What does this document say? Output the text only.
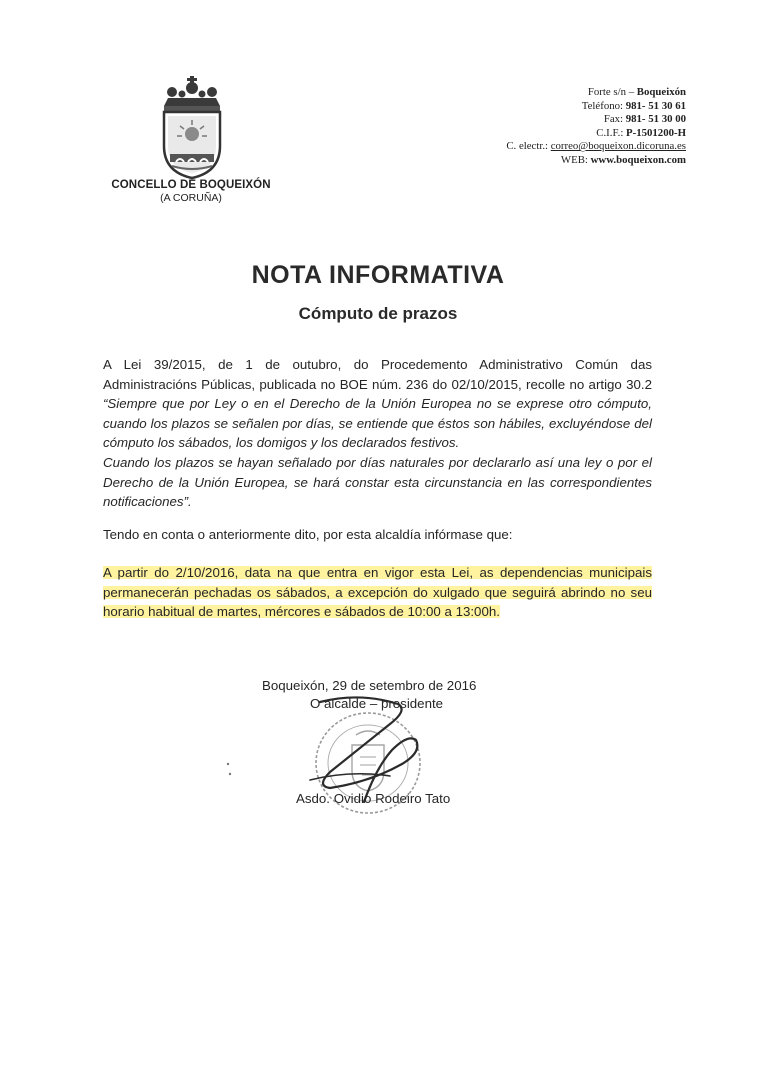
CONCELLO DE BOQUEIXÓN
(A CORUÑA)
Forte s/n – Boqueixón
Teléfono: 981- 51 30 61
Fax: 981- 51 30 00
C.I.F.: P-1501200-H
C. electr.: correo@boqueixon.dicoruna.es
WEB: www.boqueixon.com
NOTA INFORMATIVA
Cómputo de prazos
A Lei 39/2015, de 1 de outubro, do Procedemento Administrativo Común das Administracións Públicas, publicada no BOE núm. 236 do 02/10/2015, recolle no artigo 30.2 “Siempre que por Ley o en el Derecho de la Unión Europea no se exprese otro cómputo, cuando los plazos se señalen por días, se entiende que éstos son hábiles, excluyéndose del cómputo los sábados, los domigos y los declarados festivos.
Cuando los plazos se hayan señalado por días naturales por declararlo así una ley o por el Derecho de la Unión Europea, se hará constar esta circunstancia en las correspondientes notificaciones”.
Tendo en conta o anteriormente dito, por esta alcaldía infórmase que:
A partir do 2/10/2016, data na que entra en vigor esta Lei, as dependencias municipais permanecerán pechadas os sábados, a excepción do xulgado que seguirá abrindo no seu horario habitual de martes, mércores e sábados de 10:00 a 13:00h.
Boqueixón, 29 de setembro de 2016
O alcalde – presidente
Asdo. Ovidio Rodeiro Tato
